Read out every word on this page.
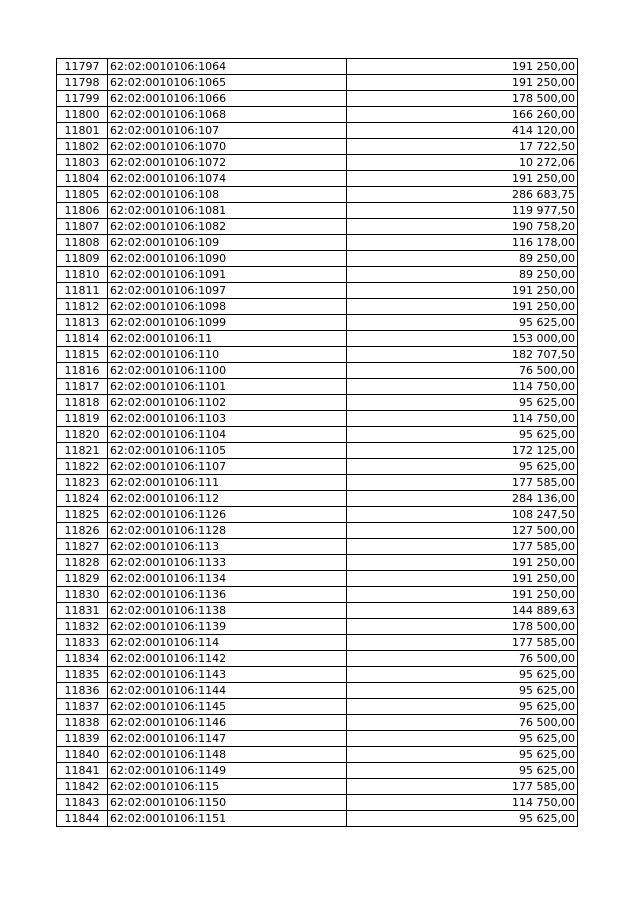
11797	62:02:0010106:1064	191 250,00
11798	62:02:0010106:1065	191 250,00
11799	62:02:0010106:1066	178 500,00
11800	62:02:0010106:1068	166 260,00
11801	62:02:0010106:107	414 120,00
11802	62:02:0010106:1070	17 722,50
11803	62:02:0010106:1072	10 272,06
11804	62:02:0010106:1074	191 250,00
11805	62:02:0010106:108	286 683,75
11806	62:02:0010106:1081	119 977,50
11807	62:02:0010106:1082	190 758,20
11808	62:02:0010106:109	116 178,00
11809	62:02:0010106:1090	89 250,00
11810	62:02:0010106:1091	89 250,00
11811	62:02:0010106:1097	191 250,00
11812	62:02:0010106:1098	191 250,00
11813	62:02:0010106:1099	95 625,00
11814	62:02:0010106:11	153 000,00
11815	62:02:0010106:110	182 707,50
11816	62:02:0010106:1100	76 500,00
11817	62:02:0010106:1101	114 750,00
11818	62:02:0010106:1102	95 625,00
11819	62:02:0010106:1103	114 750,00
11820	62:02:0010106:1104	95 625,00
11821	62:02:0010106:1105	172 125,00
11822	62:02:0010106:1107	95 625,00
11823	62:02:0010106:111	177 585,00
11824	62:02:0010106:112	284 136,00
11825	62:02:0010106:1126	108 247,50
11826	62:02:0010106:1128	127 500,00
11827	62:02:0010106:113	177 585,00
11828	62:02:0010106:1133	191 250,00
11829	62:02:0010106:1134	191 250,00
11830	62:02:0010106:1136	191 250,00
11831	62:02:0010106:1138	144 889,63
11832	62:02:0010106:1139	178 500,00
11833	62:02:0010106:114	177 585,00
11834	62:02:0010106:1142	76 500,00
11835	62:02:0010106:1143	95 625,00
11836	62:02:0010106:1144	95 625,00
11837	62:02:0010106:1145	95 625,00
11838	62:02:0010106:1146	76 500,00
11839	62:02:0010106:1147	95 625,00
11840	62:02:0010106:1148	95 625,00
11841	62:02:0010106:1149	95 625,00
11842	62:02:0010106:115	177 585,00
11843	62:02:0010106:1150	114 750,00
11844	62:02:0010106:1151	95 625,00
